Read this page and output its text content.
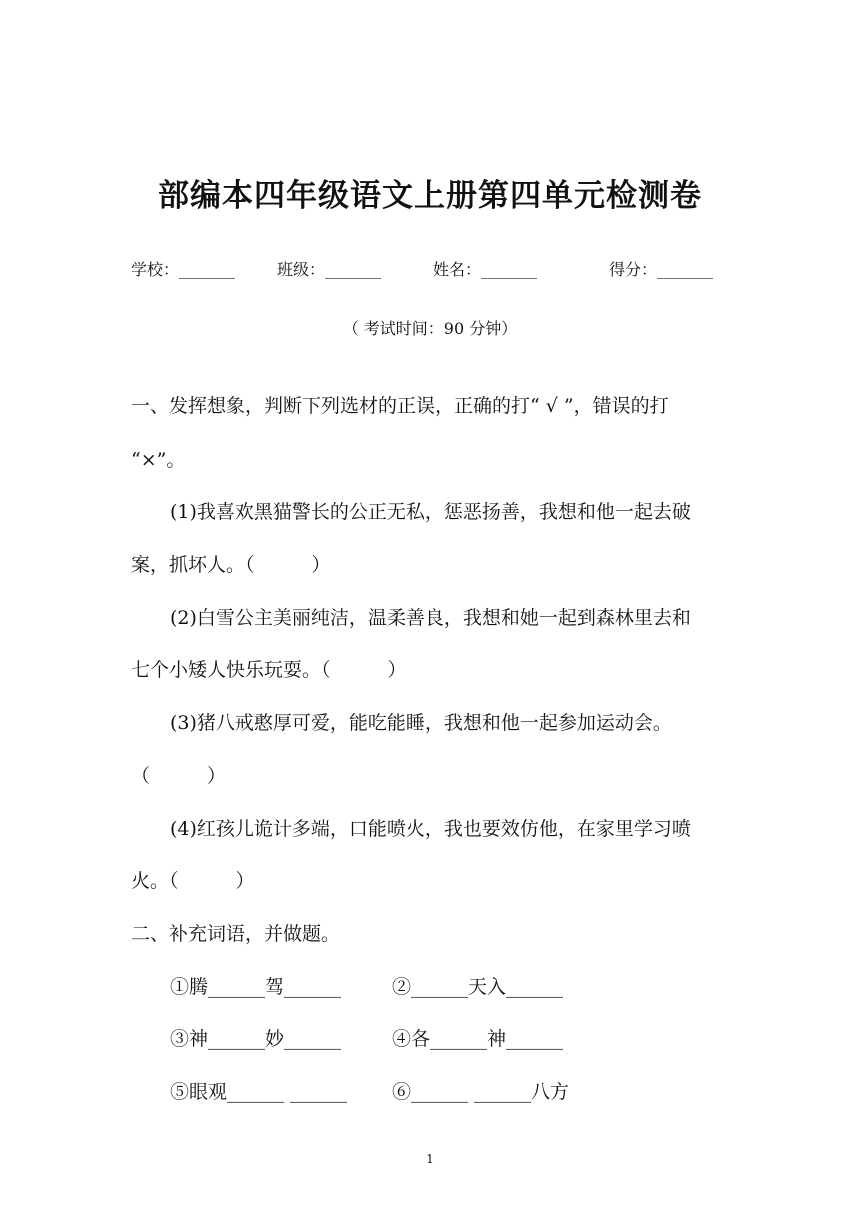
部编本四年级语文上册第四单元检测卷
学校：_______	班级：_______	姓名：_______	得分：_______
（ 考试时间：90 分钟）
一、发挥想象，判断下列选材的正误，正确的打“ √ ”，错误的打
“×”。
(1)我喜欢黑猫警长的公正无私，惩恶扬善，我想和他一起去破
案，抓坏人。（　　　）
(2)白雪公主美丽纯洁，温柔善良，我想和她一起到森林里去和
七个小矮人快乐玩耍。（　　　）
(3)猪八戒憨厚可爱，能吃能睡，我想和他一起参加运动会。
（　　　）
(4)红孩儿诡计多端，口能喷火，我也要效仿他，在家里学习喷
火。（　　　）
二、补充词语，并做题。
①腾______驾______	②______天入______
③神______妙______	④各______神______
⑤眼观______ ______ ⑥______ ______八方
1
